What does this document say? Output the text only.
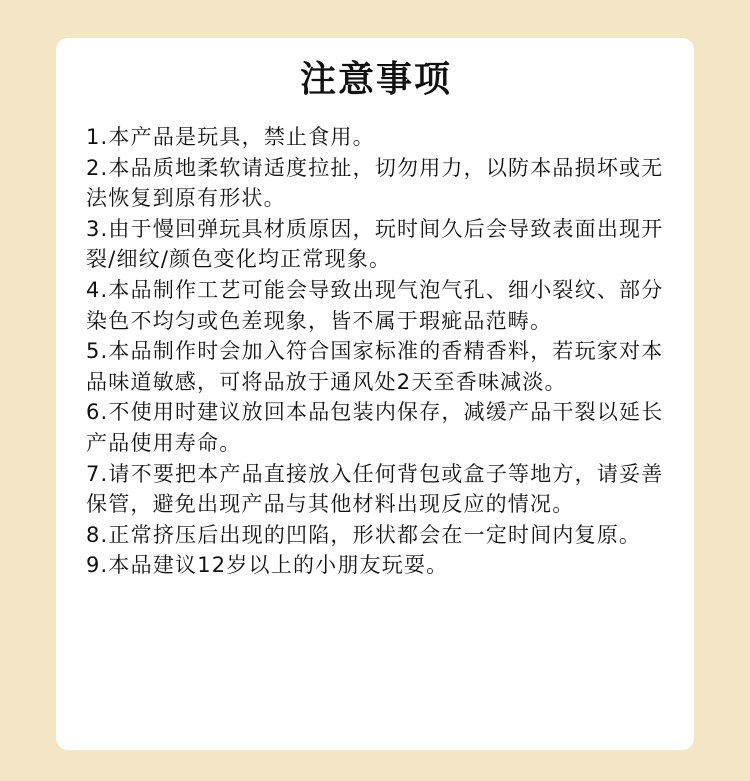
注意事项
1.本产品是玩具，禁止食用。
2.本品质地柔软请适度拉扯，切勿用力，以防本品损坏或无法恢复到原有形状。
3.由于慢回弹玩具材质原因，玩时间久后会导致表面出现开裂/细纹/颜色变化均正常现象。
4.本品制作工艺可能会导致出现气泡气孔、细小裂纹、部分染色不均匀或色差现象，皆不属于瑕疵品范畴。
5.本品制作时会加入符合国家标准的香精香料，若玩家对本品味道敏感，可将品放于通风处2天至香味减淡。
6.不使用时建议放回本品包装内保存，减缓产品干裂以延长产品使用寿命。
7.请不要把本产品直接放入任何背包或盒子等地方，请妥善保管，避免出现产品与其他材料出现反应的情况。
8.正常挤压后出现的凹陷，形状都会在一定时间内复原。
9.本品建议12岁以上的小朋友玩耍。
